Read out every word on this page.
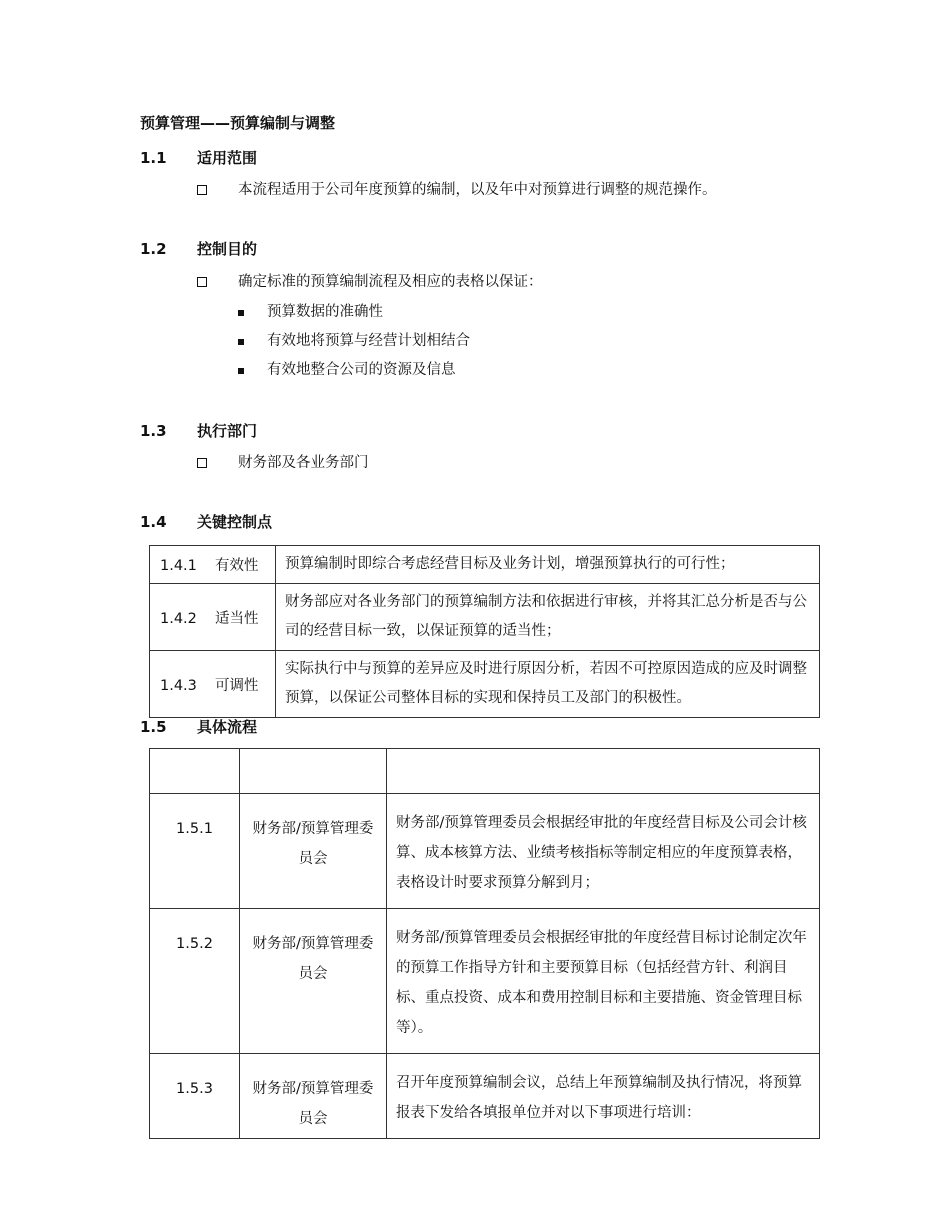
预算管理——预算编制与调整
1.1 适用范围
本流程适用于公司年度预算的编制，以及年中对预算进行调整的规范操作。
1.2 控制目的
确定标准的预算编制流程及相应的表格以保证：
预算数据的准确性
有效地将预算与经营计划相结合
有效地整合公司的资源及信息
1.3 执行部门
财务部及各业务部门
1.4 关键控制点
1.4.1 有效性	预算编制时即综合考虑经营目标及业务计划，增强预算执行的可行性；
1.4.2 适当性	财务部应对各业务部门的预算编制方法和依据进行审核，并将其汇总分析是否与公司的经营目标一致，以保证预算的适当性；
1.4.3 可调性	实际执行中与预算的差异应及时进行原因分析，若因不可控原因造成的应及时调整预算，以保证公司整体目标的实现和保持员工及部门的积极性。
1.5 具体流程

1.5.1	财务部/预算管理委员会	财务部/预算管理委员会根据经审批的年度经营目标及公司会计核算、成本核算方法、业绩考核指标等制定相应的年度预算表格，表格设计时要求预算分解到月；
1.5.2	财务部/预算管理委员会	财务部/预算管理委员会根据经审批的年度经营目标讨论制定次年的预算工作指导方针和主要预算目标（包括经营方针、利润目标、重点投资、成本和费用控制目标和主要措施、资金管理目标等）。
1.5.3	财务部/预算管理委员会	召开年度预算编制会议，总结上年预算编制及执行情况，将预算报表下发给各填报单位并对以下事项进行培训：
